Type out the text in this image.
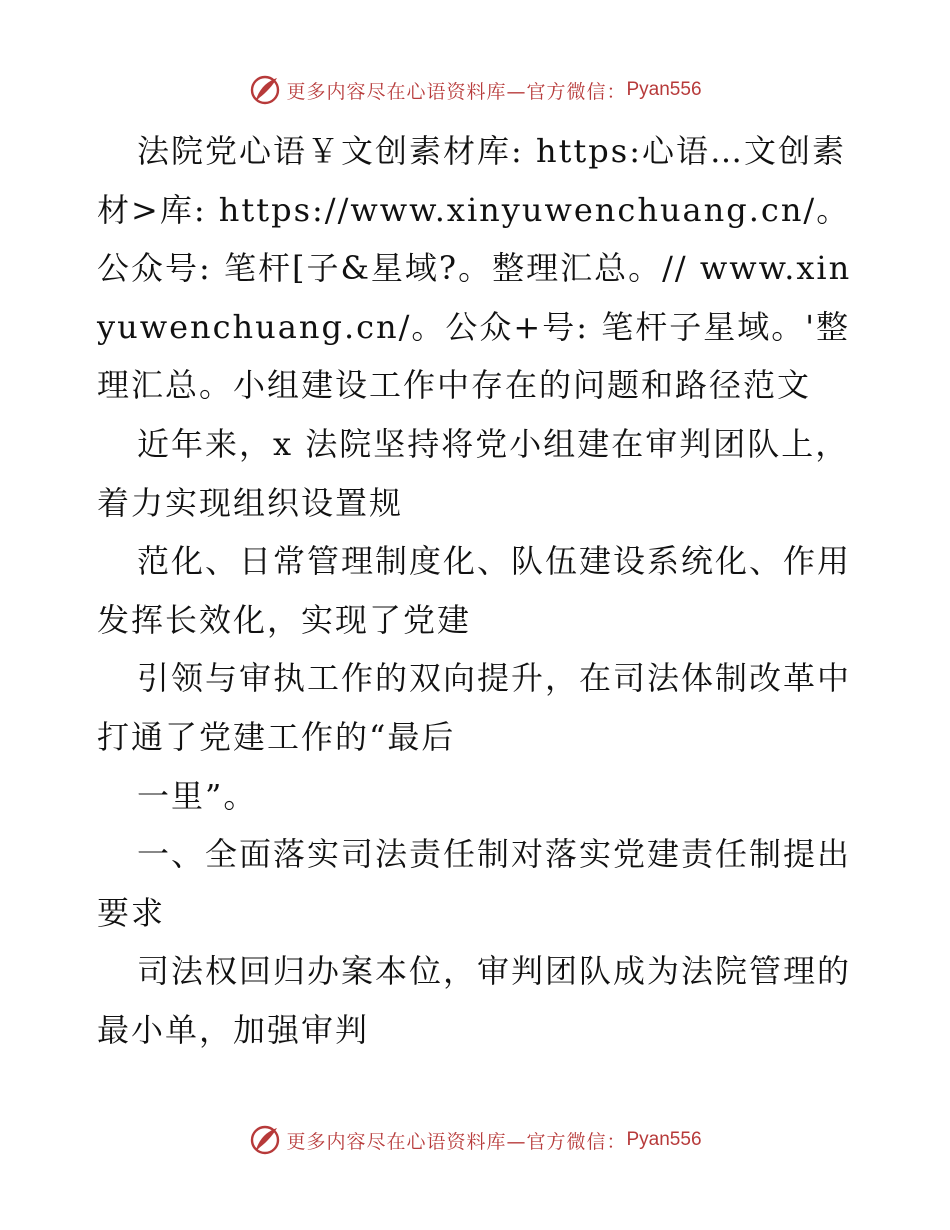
更多内容尽在心语资料库—官方微信： Pyan556

法院党心语￥文创素材库: https:心语…文创素材>库: https://www.xinyuwenchuang.cn/。公众号: 笔杆[子&星域?。整理汇总。// www.xinyuwenchuang.cn/。公众+号: 笔杆子星域。'整理汇总。小组建设工作中存在的问题和路径范文

近年来，x 法院坚持将党小组建在审判团队上，着力实现组织设置规

范化、日常管理制度化、队伍建设系统化、作用发挥长效化，实现了党建

引领与审执工作的双向提升，在司法体制改革中打通了党建工作的“最后

一里”。

一、全面落实司法责任制对落实党建责任制提出要求

司法权回归办案本位，审判团队成为法院管理的最小单，加强审判

更多内容尽在心语资料库—官方微信： Pyan556
